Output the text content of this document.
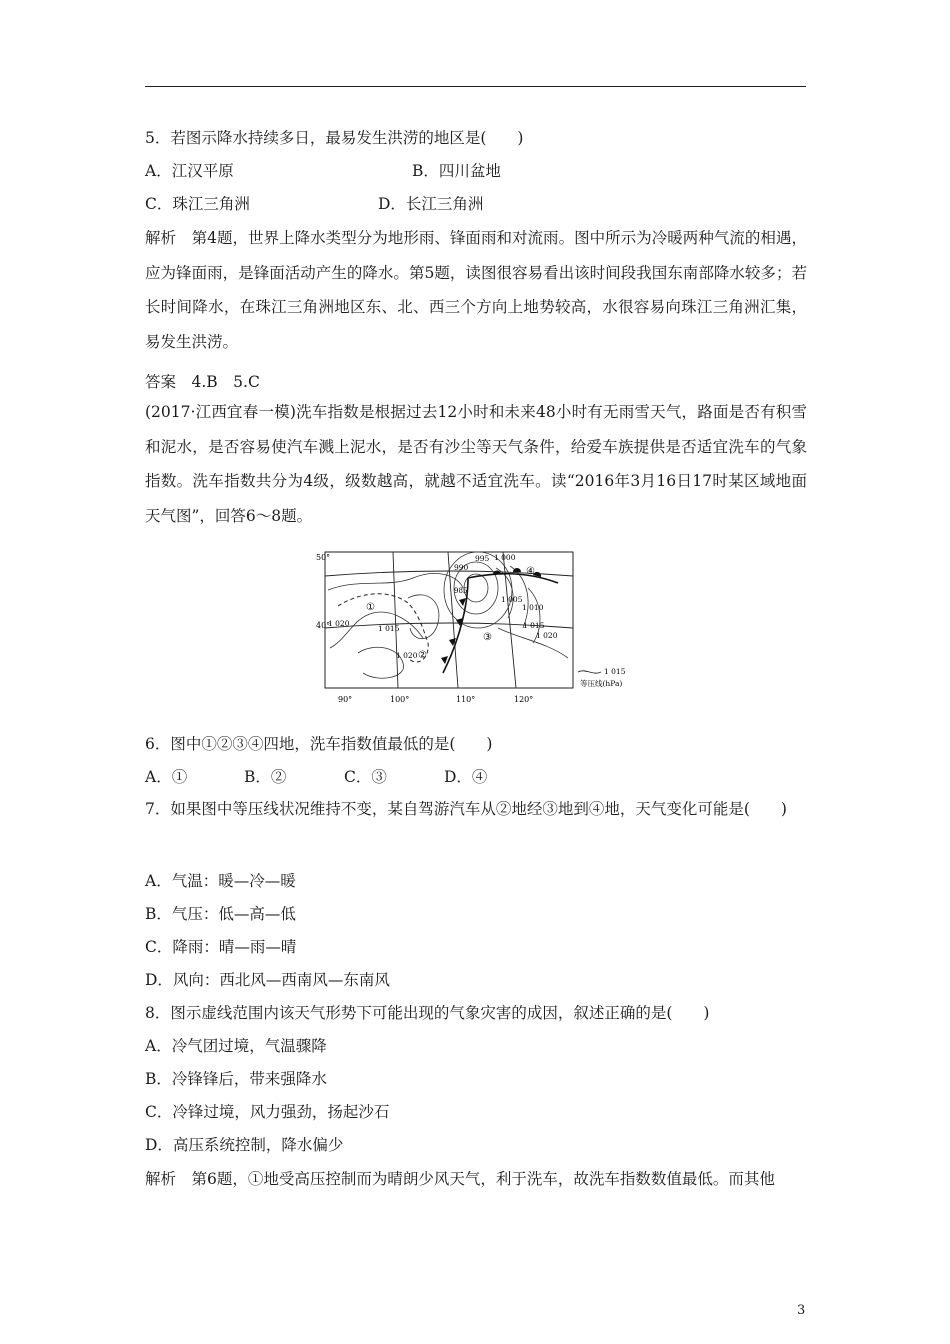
5．若图示降水持续多日，最易发生洪涝的地区是(　　)
A．江汉平原	B．四川盆地
C．珠江三角洲	D．长江三角洲
解析　第4题，世界上降水类型分为地形雨、锋面雨和对流雨。图中所示为冷暖两种气流的相遇，应为锋面雨，是锋面活动产生的降水。第5题，读图很容易看出该时间段我国东南部降水较多；若长时间降水，在珠江三角洲地区东、北、西三个方向上地势较高，水很容易向珠江三角洲汇集，易发生洪涝。
答案　4.B　5.C
(2017·江西宜春一模)洗车指数是根据过去12小时和未来48小时有无雨雪天气，路面是否有积雪和泥水，是否容易使汽车溅上泥水，是否有沙尘等天气条件，给爱车族提供是否适宜洗车的气象指数。洗车指数共分为4级，级数越高，就越不适宜洗车。读“2016年3月16日17时某区域地面天气图”，回答6～8题。
50°
40°
90°	100°	110°	120°
1 020
1 015
1 020
990
995 1 000
985
1 005
1 010
1 015
1 020
①
②
③
④
1 015
等压线(hPa)
6．图中①②③④四地，洗车指数值最低的是(　　)
A．①	B．②	C．③	D．④
7．如果图中等压线状况维持不变，某自驾游汽车从②地经③地到④地，天气变化可能是(　　)
A．气温：暖—冷—暖
B．气压：低—高—低
C．降雨：晴—雨—晴
D．风向：西北风—西南风—东南风
8．图示虚线范围内该天气形势下可能出现的气象灾害的成因，叙述正确的是(　　)
A．冷气团过境，气温骤降
B．冷锋锋后，带来强降水
C．冷锋过境，风力强劲，扬起沙石
D．高压系统控制，降水偏少
解析　第6题，①地受高压控制而为晴朗少风天气，利于洗车，故洗车指数数值最低。而其他
3
